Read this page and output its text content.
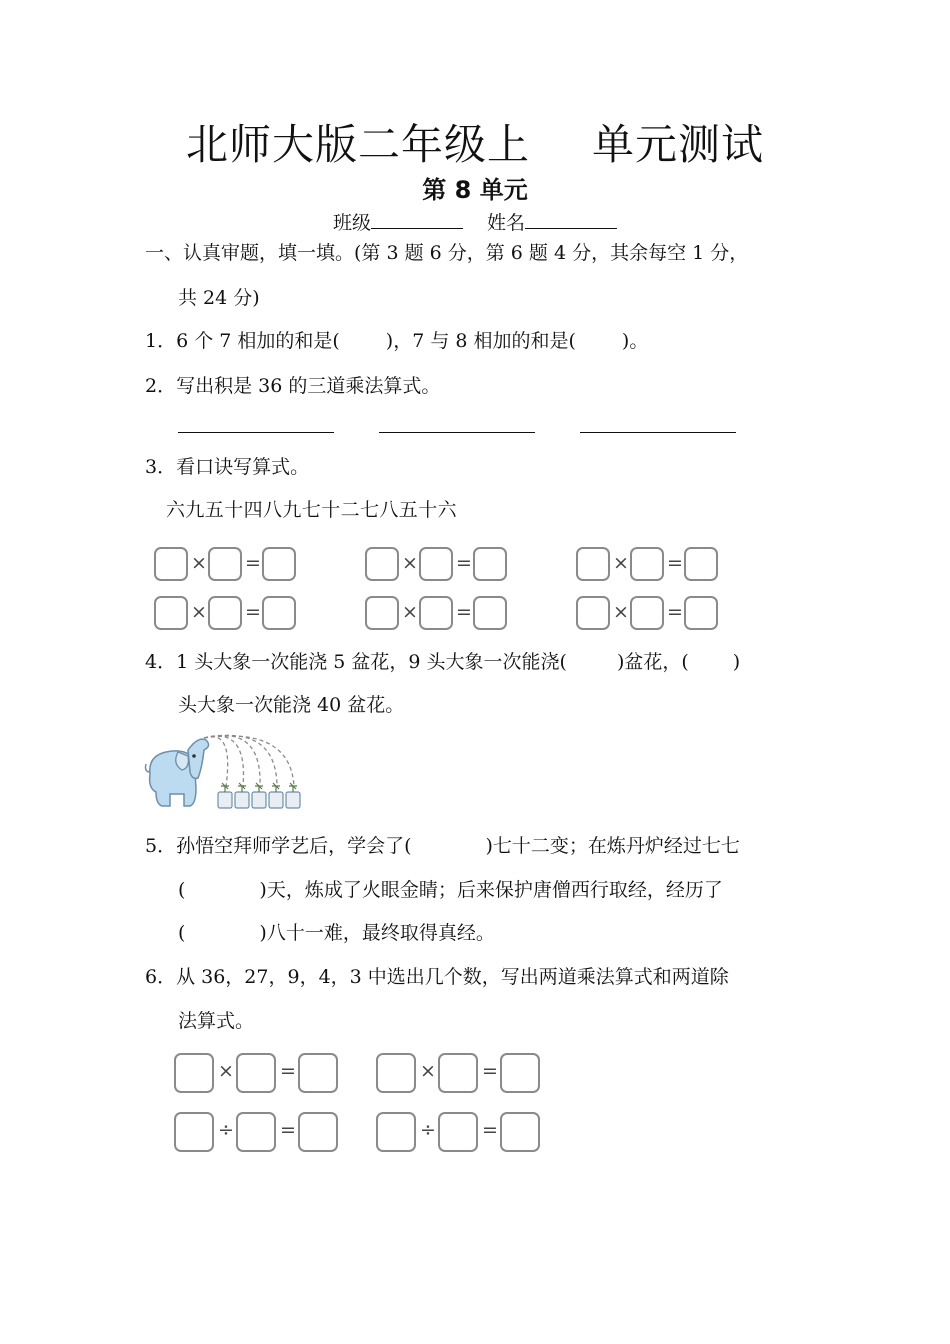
北师大版二年级上 单元测试
第 8 单元
班级	姓名
一、认真审题，填一填。(第 3 题 6 分，第 6 题 4 分，其余每空 1 分，
共 24 分)
1．6 个 7 相加的和是( )，7 与 8 相加的和是( )。
2．写出积是 36 的三道乘法算式。
3．看口诀写算式。
六九五十四八九七十二七八五十六
× =	× =	× =
× =	× =	× =
4．1 头大象一次能浇 5 盆花，9 头大象一次能浇(	)盆花，( )
头大象一次能浇 40 盆花。
5．孙悟空拜师学艺后，学会了(	)七十二变；在炼丹炉经过七七
(	)天，炼成了火眼金睛；后来保护唐僧西行取经，经历了
(	)八十一难，最终取得真经。
6．从 36，27，9，4，3 中选出几个数，写出两道乘法算式和两道除
法算式。
× =	× =
÷ =	÷ =
